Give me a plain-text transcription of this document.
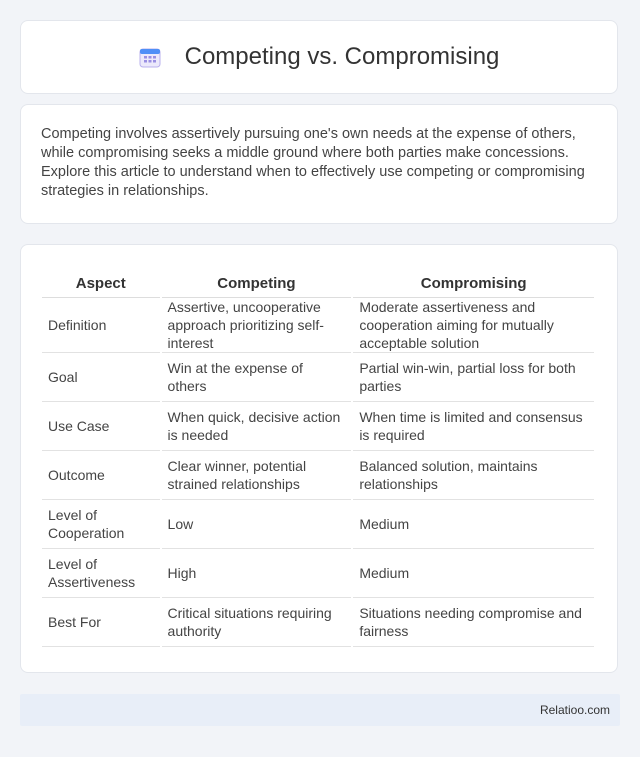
Competing vs. Compromising

Competing involves assertively pursuing one's own needs at the expense of others, while compromising seeks a middle ground where both parties make concessions. Explore this article to understand when to effectively use competing or compromising strategies in relationships.

Aspect	Competing	Compromising
Definition	Assertive, uncooperative approach prioritizing self-interest	Moderate assertiveness and cooperation aiming for mutually acceptable solution
Goal	Win at the expense of others	Partial win-win, partial loss for both parties
Use Case	When quick, decisive action is needed	When time is limited and consensus is required
Outcome	Clear winner, potential strained relationships	Balanced solution, maintains relationships
Level of Cooperation	Low	Medium
Level of Assertiveness	High	Medium
Best For	Critical situations requiring authority	Situations needing compromise and fairness
Relatioo.com
